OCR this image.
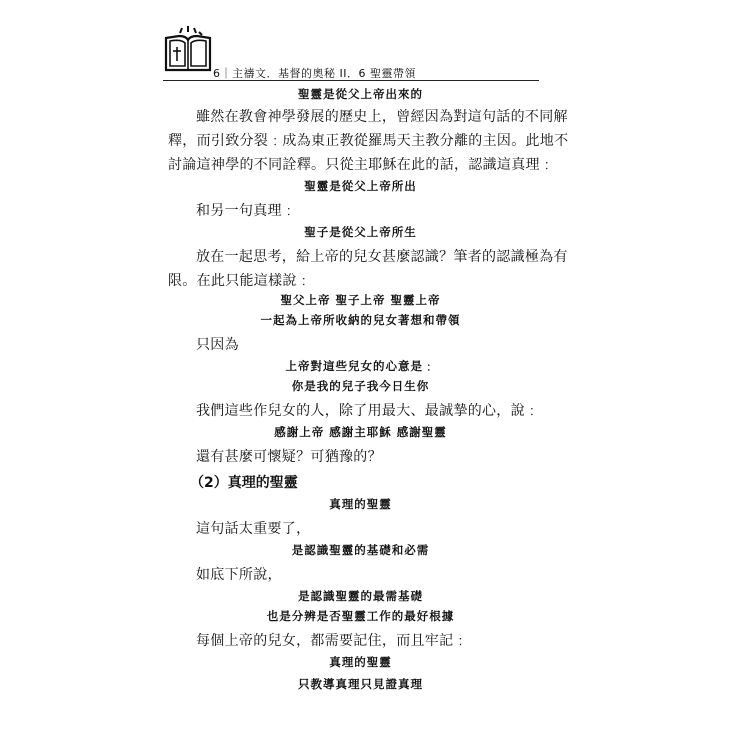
6｜主禱文．基督的奧秘 II．6 聖靈帶領
聖靈是從父上帝出來的
雖然在教會神學發展的歷史上，曾經因為對這句話的不同解
釋，而引致分裂﹕成為東正教從羅馬天主教分離的主因。此地不
討論這神學的不同詮釋。只從主耶穌在此的話，認識這真理﹕
聖靈是從父上帝所出
和另一句真理﹕
聖子是從父上帝所生
放在一起思考，給上帝的兒女甚麼認識？筆者的認識極為有
限。在此只能這樣說﹕
聖父上帝 聖子上帝 聖靈上帝
一起為上帝所收納的兒女著想和帶領
只因為
上帝對這些兒女的心意是﹕
你是我的兒子我今日生你
我們這些作兒女的人，除了用最大、最誠摯的心，說﹕
感謝上帝 感謝主耶穌 感謝聖靈
還有甚麼可懷疑？可猶豫的？
（2）真理的聖靈
真理的聖靈
這句話太重要了，
是認識聖靈的基礎和必需
如底下所說，
是認識聖靈的最需基礎
也是分辨是否聖靈工作的最好根據
每個上帝的兒女，都需要記住，而且牢記﹕
真理的聖靈
只教導真理只見證真理
